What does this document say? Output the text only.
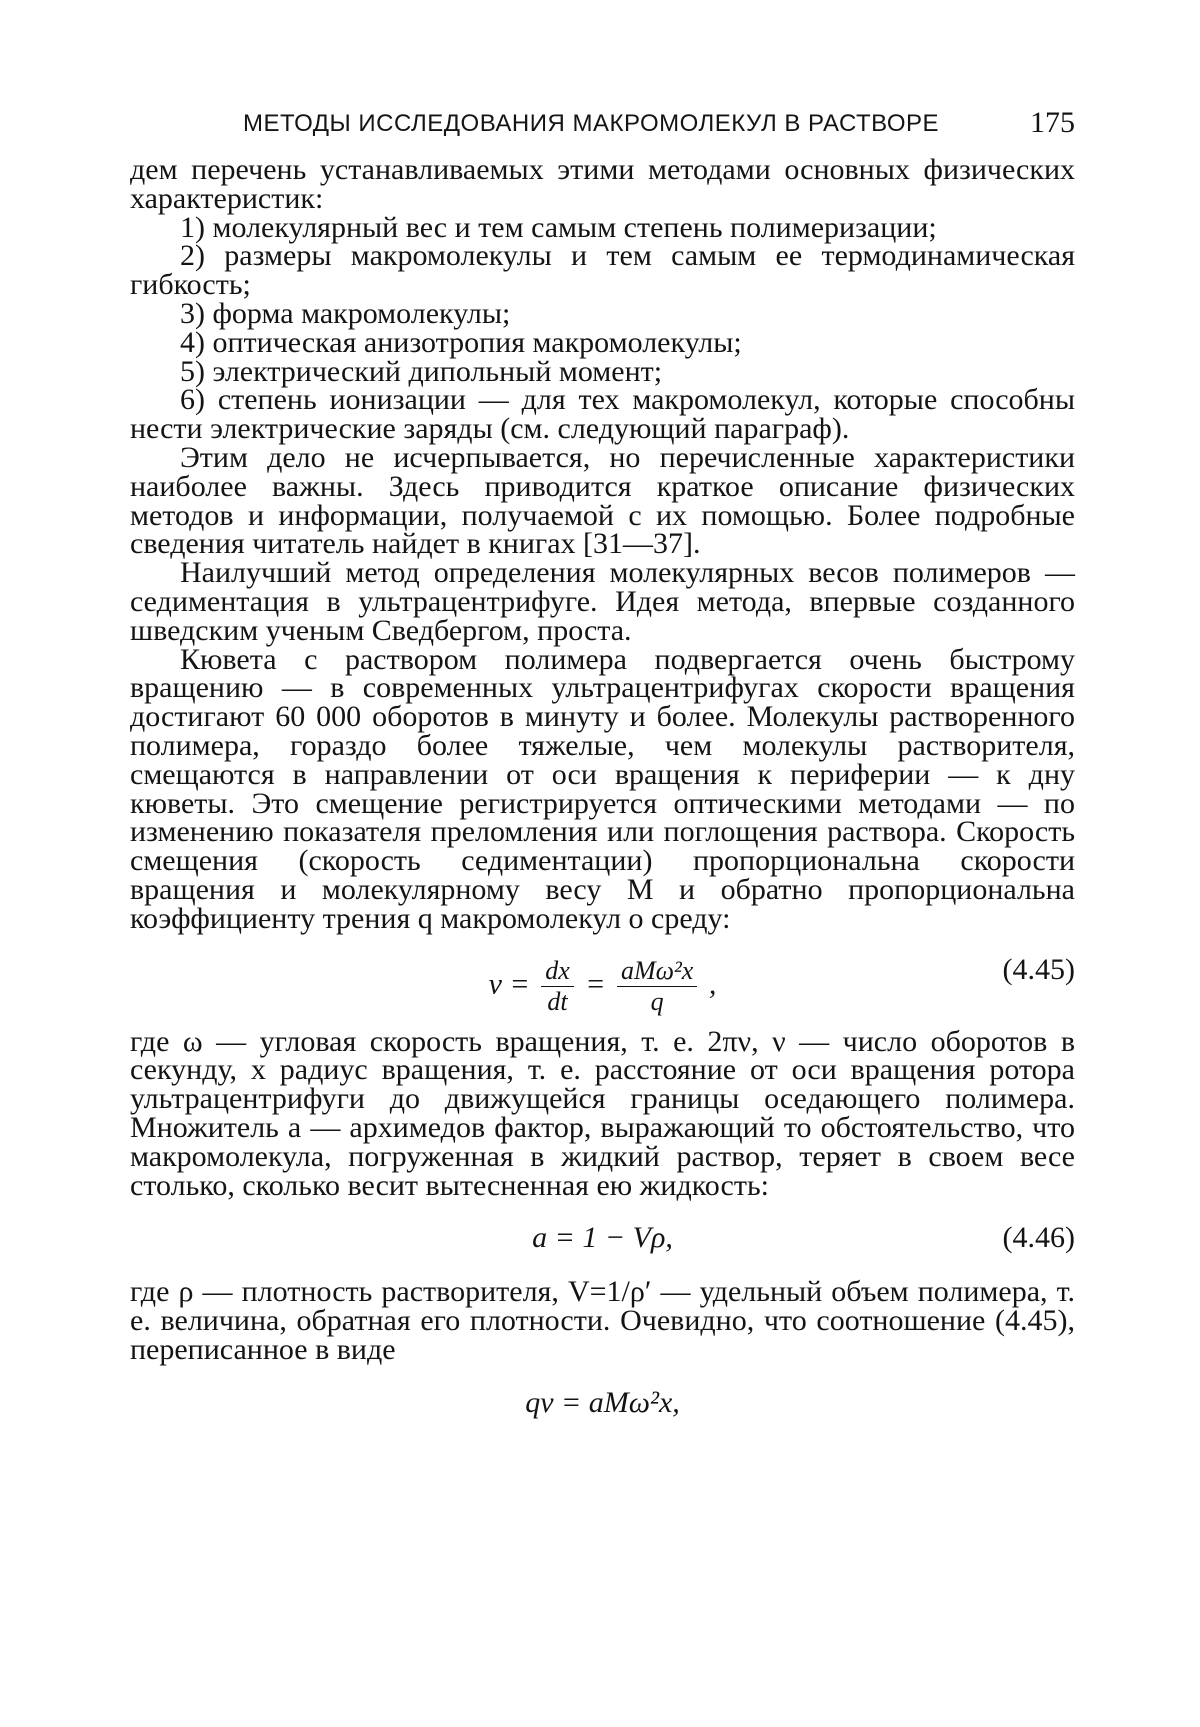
МЕТОДЫ ИССЛЕДОВАНИЯ МАКРОМОЛЕКУЛ В РАСТВОРЕ	175

дем перечень устанавливаемых этими методами основных физических характеристик:

1) молекулярный вес и тем самым степень полимеризации;

2) размеры макромолекулы и тем самым ее термодинамическая гибкость;

3) форма макромолекулы;

4) оптическая анизотропия макромолекулы;

5) электрический дипольный момент;

6) степень ионизации — для тех макромолекул, которые способны нести электрические заряды (см. следующий параграф).

Этим дело не исчерпывается, но перечисленные характеристики наиболее важны. Здесь приводится краткое описание физических методов и информации, получаемой с их помощью. Более подробные сведения читатель найдет в книгах [31—37].

Наилучший метод определения молекулярных весов полимеров — седиментация в ультрацентрифуге. Идея метода, впервые созданного шведским ученым Сведбергом, проста.

Кювета с раствором полимера подвергается очень быстрому вращению — в современных ультрацентрифугах скорости вращения достигают 60 000 оборотов в минуту и более. Молекулы растворенного полимера, гораздо более тяжелые, чем молекулы растворителя, смещаются в направлении от оси вращения к периферии — к дну кюветы. Это смещение регистрируется оптическими методами — по изменению показателя преломления или поглощения раствора. Скорость смещения (скорость седиментации) пропорциональна скорости вращения и молекулярному весу M и обратно пропорциональна коэффициенту трения q макромолекул о среду:

$v = \frac{dx}{dt} = \frac{\text{aMω²x}}{q}$ ,	(4.45)

где ω — угловая скорость вращения, т. е. 2πν, ν — число оборотов в секунду, x радиус вращения, т. е. расстояние от оси вращения ротора ультрацентрифуги до движущейся границы оседающего полимера. Множитель a — архимедов фактор, выражающий то обстоятельство, что макромолекула, погруженная в жидкий раствор, теряет в своем весе столько, сколько весит вытесненная ею жидкость:

a = 1 − Vρ,	(4.46)

где ρ — плотность растворителя, V=1/ρ′ — удельный объем полимера, т. е. величина, обратная его плотности. Очевидно, что соотношение (4.45), переписанное в виде

qv = aMω²x,
